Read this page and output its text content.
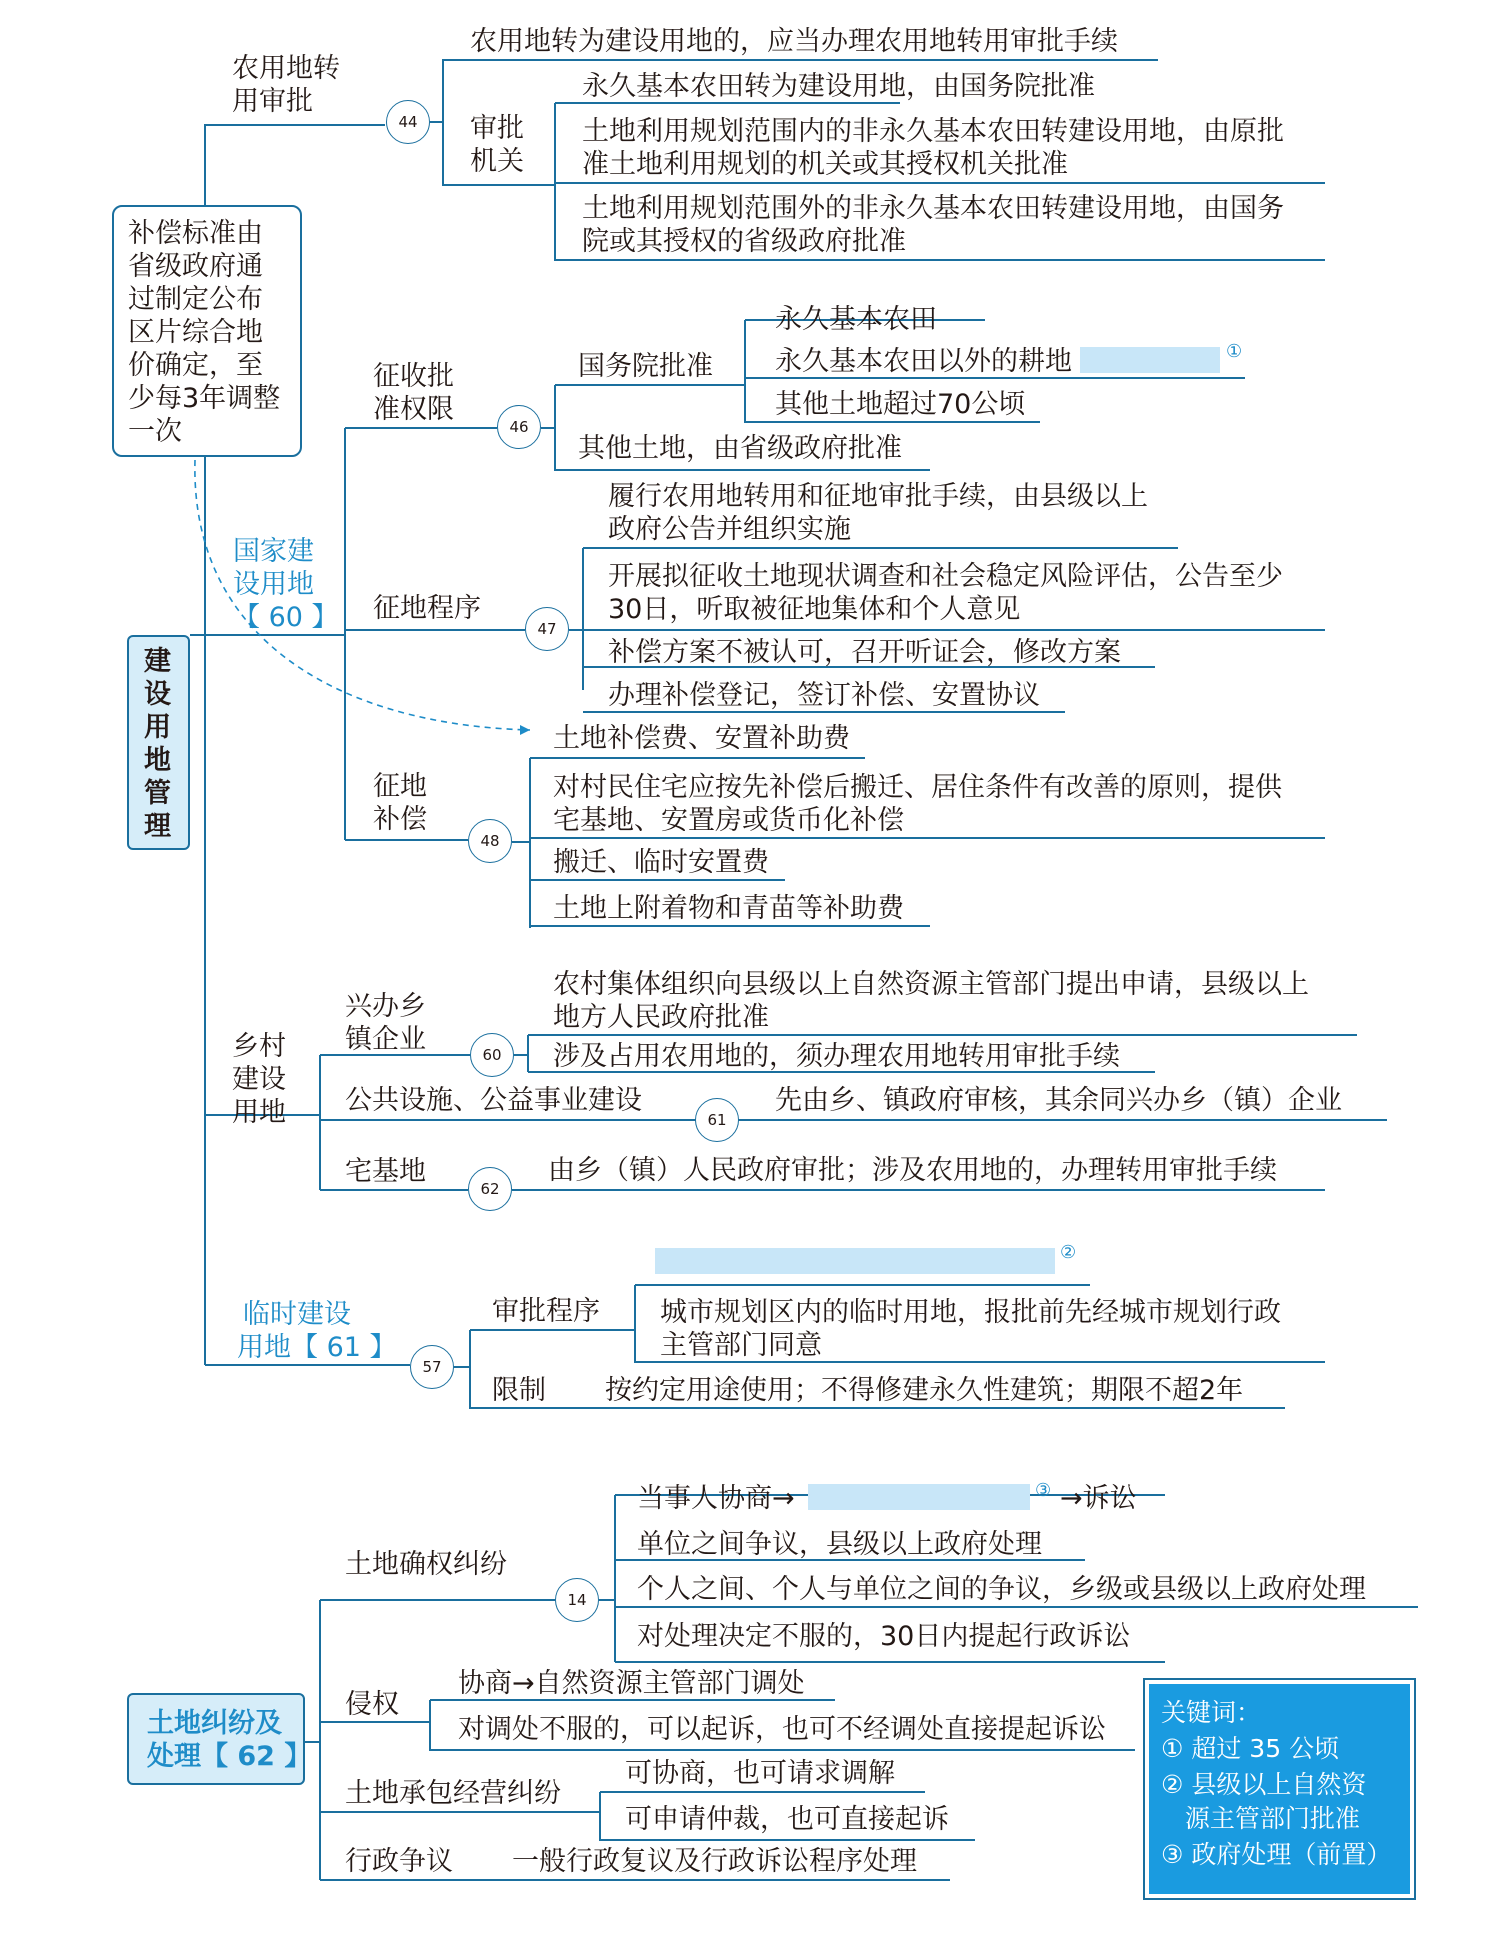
建设用地管理
补偿标准由
省级政府通
过制定公布
区片综合地
价确定，至
少每3年调整
一次
农用地转
用审批
44
农用地转为建设用地的，应当办理农用地转用审批手续
审批
机关
永久基本农田转为建设用地，由国务院批准
土地利用规划范围内的非永久基本农田转建设用地，由原批
准土地利用规划的机关或其授权机关批准
土地利用规划范围外的非永久基本农田转建设用地，由国务
院或其授权的省级政府批准
国家建
设用地
【 60 】
征收批
准权限
46
国务院批准
永久基本农田
永久基本农田以外的耕地	①
其他土地超过70公顷
其他土地，由省级政府批准
征地程序
47
履行农用地转用和征地审批手续，由县级以上
政府公告并组织实施
开展拟征收土地现状调查和社会稳定风险评估，公告至少
30日，听取被征地集体和个人意见
补偿方案不被认可，召开听证会，修改方案
办理补偿登记，签订补偿、安置协议
征地
补偿
48
土地补偿费、安置补助费
对村民住宅应按先补偿后搬迁、居住条件有改善的原则，提供
宅基地、安置房或货币化补偿
搬迁、临时安置费
土地上附着物和青苗等补助费
乡村
建设
用地
兴办乡
镇企业	60
农村集体组织向县级以上自然资源主管部门提出申请，县级以上
地方人民政府批准
涉及占用农用地的，须办理农用地转用审批手续
公共设施、公益事业建设
61
先由乡、镇政府审核，其余同兴办乡（镇）企业
宅基地
62
由乡（镇）人民政府审批；涉及农用地的，办理转用审批手续
临时建设
用地【 61 】
57
审批程序
②
城市规划区内的临时用地，报批前先经城市规划行政
主管部门同意
限制 按约定用途使用；不得修建永久性建筑；期限不超2年
土地纠纷及
处理【 62 】
土地确权纠纷
14
当事人协商→	③ →诉讼
单位之间争议，县级以上政府处理
个人之间、个人与单位之间的争议，乡级或县级以上政府处理
对处理决定不服的，30日内提起行政诉讼
侵权
协商→自然资源主管部门调处
对调处不服的，可以起诉，也可不经调处直接提起诉讼
土地承包经营纠纷
可协商，也可请求调解
可申请仲裁，也可直接起诉
行政争议 一般行政复议及行政诉讼程序处理
关键词：
① 超过 35 公顷
② 县级以上自然资
源主管部门批准
③ 政府处理（前置）
